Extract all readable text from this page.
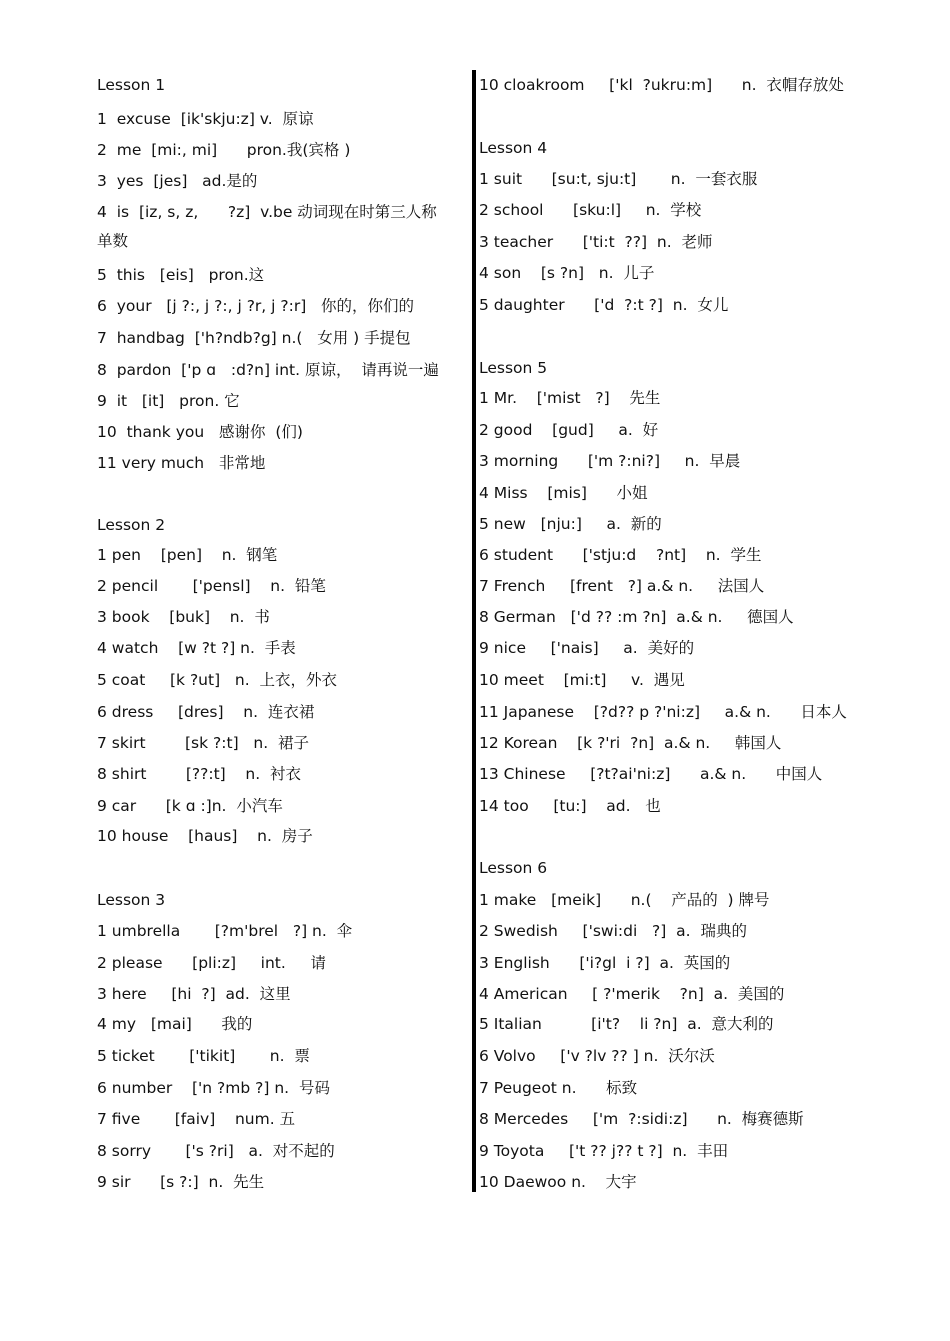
Lesson 1
1  excuse  [ik'skju:z] v.  原谅
2  me  [mi:, mi]      pron.我(宾格 )
3  yes  [jes]   ad.是的
4  is  [iz, s, z,      ?z]  v.be 动词现在时第三人称
单数
5  this   [eis]   pron.这
6  your   [j ?:, j ?:, j ?r, j ?:r]   你的，你们的
7  handbag  ['h?ndb?g] n.(   女用 ) 手提包
8  pardon  ['p ɑ   :d?n] int. 原谅，  请再说一遍
9  it   [it]   pron. 它
10  thank you   感谢你  (们)
11 very much   非常地
Lesson 2
1 pen    [pen]    n.  钢笔
2 pencil       ['pensl]    n.  铅笔
3 book    [buk]    n.  书
4 watch    [w ?t ?] n.  手表
5 coat     [k ?ut]   n.  上衣，外衣
6 dress     [dres]    n.  连衣裙
7 skirt        [sk ?:t]   n.  裙子
8 shirt        [??:t]    n.  衬衣
9 car      [k ɑ :]n.  小汽车
10 house    [haus]    n.  房子
Lesson 3
1 umbrella       [?m'brel   ?] n.  伞
2 please      [pli:z]     int.     请
3 here     [hi  ?]  ad.  这里
4 my   [mai]      我的
5 ticket       ['tikit]       n.  票
6 number    ['n ?mb ?] n.  号码
7 five       [faiv]    num. 五
8 sorry       ['s ?ri]   a.  对不起的
9 sir      [s ?:]  n.  先生
10 cloakroom     ['kl  ?ukru:m]      n.  衣帽存放处
Lesson 4
1 suit      [su:t, sju:t]       n.  一套衣服
2 school      [sku:l]     n.  学校
3 teacher      ['ti:t  ??]  n.  老师
4 son    [s ?n]   n.  儿子
5 daughter      ['d  ?:t ?]  n.  女儿
Lesson 5
1 Mr.    ['mist   ?]    先生
2 good    [gud]     a.  好
3 morning      ['m ?:ni?]     n.  早晨
4 Miss    [mis]      小姐
5 new   [nju:]     a.  新的
6 student      ['stju:d    ?nt]    n.  学生
7 French     [frent   ?] a.& n.     法国人
8 German   ['d ?? :m ?n]  a.& n.     德国人
9 nice     ['nais]     a.  美好的
10 meet    [mi:t]     v.  遇见
11 Japanese    [?d?? p ?'ni:z]     a.& n.      日本人
12 Korean    [k ?'ri  ?n]  a.& n.     韩国人
13 Chinese     [?t?ai'ni:z]      a.& n.      中国人
14 too     [tu:]    ad.   也
Lesson 6
1 make   [meik]      n.(    产品的  ) 牌号
2 Swedish     ['swi:di   ?]  a.  瑞典的
3 English      ['i?gl  i ?]  a.  英国的
4 American     [ ?'merik    ?n]  a.  美国的
5 Italian          [i't?    li ?n]  a.  意大利的
6 Volvo     ['v ?lv ?? ] n.  沃尔沃
7 Peugeot n.      标致
8 Mercedes     ['m  ?:sidi:z]      n.  梅赛德斯
9 Toyota     ['t ?? j?? t ?]  n.  丰田
10 Daewoo n.    大宇
